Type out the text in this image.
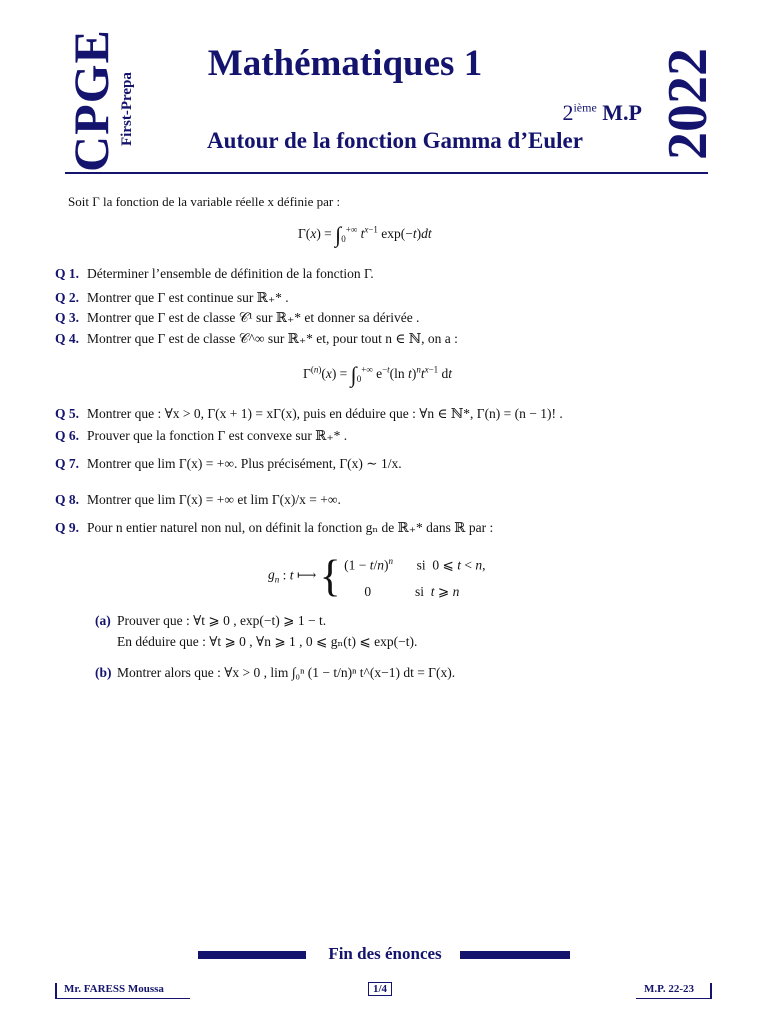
CPGE First-Prepa
Mathématiques 1
2ième M.P
Autour de la fonction Gamma d’Euler	2022
Soit Γ la fonction de la variable réelle x définie par :
$\Gamma(x) = \int_0^{+\infty}$ $t^{x-1}$ exp(−t)dt
Q 1. Déterminer l’ensemble de définition de la fonction Γ.
Q 2. Montrer que Γ est continue sur ℝ₊* .
Q 3. Montrer que Γ est de classe 𝒞¹ sur ℝ₊* et donner sa dérivée .
Q 4. Montrer que Γ est de classe 𝒞^∞ sur ℝ₊* et, pour tout n ∈ ℕ, on a :
$\Gamma^{(n)}(x) = \int_0^{+\infty}$ $e^{-t}(\ln$ $t)^nt^{x-1}$ dt
Q 5. Montrer que : ∀x > 0, Γ(x + 1) = xΓ(x), puis en déduire que : ∀n ∈ ℕ*, Γ(n) = (n − 1)! .
Q 6. Prouver que la fonction Γ est convexe sur ℝ₊* .
Q 7. Montrer que lim Γ(x) = +∞. Plus précisément, Γ(x) ∼ 1/x.
Q 8. Montrer que lim Γ(x) = +∞ et lim Γ(x)/x = +∞.
Q 9. Pour n entier naturel non nul, on définit la fonction gₙ de ℝ₊* dans ℝ par :
$g_n$ : t ⟼ { $(1 - t/n)^n$       si  0 ⩽ t < n,
0             si  t ⩾ n
(a) Prouver que : ∀t ⩾ 0 , exp(−t) ⩾ 1 − t.
En déduire que : ∀t ⩾ 0 , ∀n ⩾ 1 , 0 ⩽ gₙ(t) ⩽ exp(−t).
(b) Montrer alors que : ∀x > 0 , lim ∫₀ⁿ (1 − t/n)ⁿ t^(x−1) dt = Γ(x).
Fin des énonces
Mr. FARESS Moussa	1/4	M.P. 22-23
